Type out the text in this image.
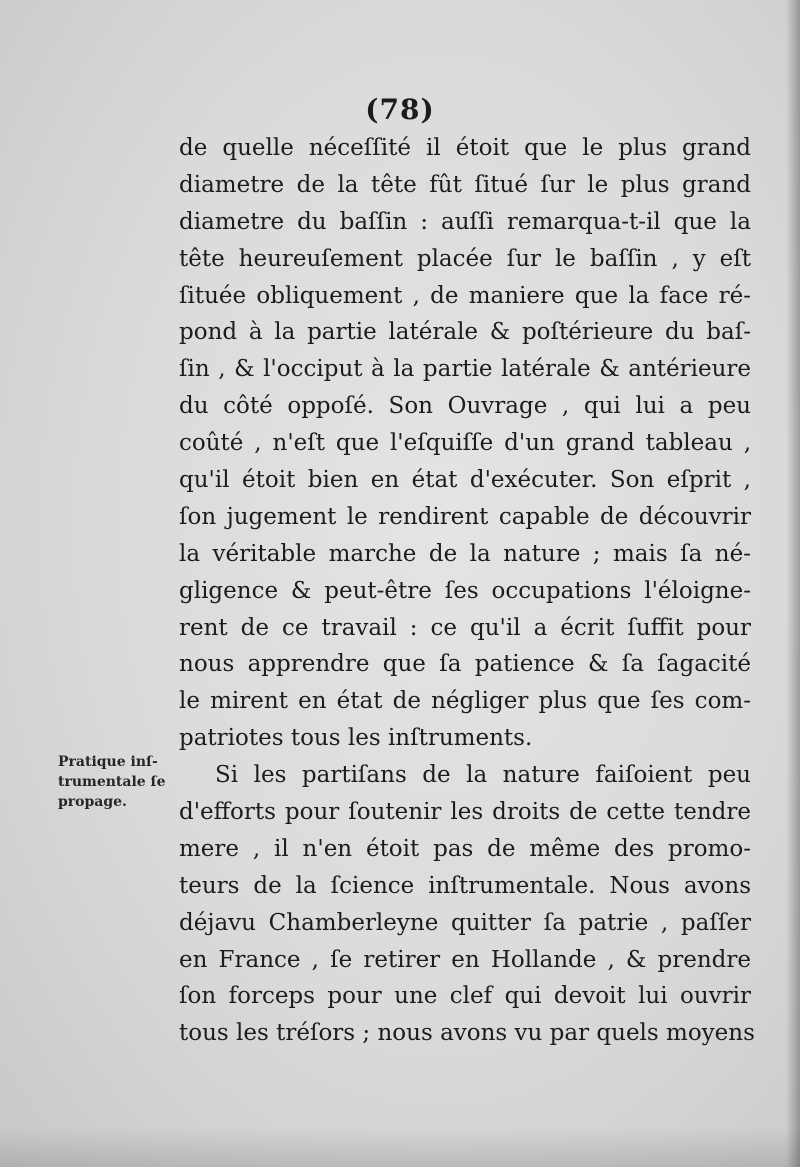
(78)
Pratique inſ-
trumentale ſe
propage.
de quelle néceſſité il étoit que le plus grand
diametre de la tête fût ſitué ſur le plus grand
diametre du baſſin : auſſi remarqua-t-il que la
tête heureuſement placée ſur le baſſin , y eſt
ſituée obliquement , de maniere que la face ré-
pond à la partie latérale & poſtérieure du baſ-
ſin , & l'occiput à la partie latérale & antérieure
du côté oppoſé. Son Ouvrage , qui lui a peu
coûté , n'eſt que l'eſquiſſe d'un grand tableau ,
qu'il étoit bien en état d'exécuter. Son eſprit ,
ſon jugement le rendirent capable de découvrir
la véritable marche de la nature ; mais ſa né-
gligence & peut-être ſes occupations l'éloigne-
rent de ce travail : ce qu'il a écrit ſuffit pour
nous apprendre que ſa patience & ſa ſagacité
le mirent en état de négliger plus que ſes com-
patriotes tous les inſtruments.
Si les partiſans de la nature faiſoient peu
d'efforts pour ſoutenir les droits de cette tendre
mere , il n'en étoit pas de même des promo-
teurs de la ſcience inſtrumentale. Nous avons
déjavu Chamberleyne quitter ſa patrie , paſſer
en France , ſe retirer en Hollande , & prendre
ſon forceps pour une clef qui devoit lui ouvrir
tous les tréſors ; nous avons vu par quels moyens
